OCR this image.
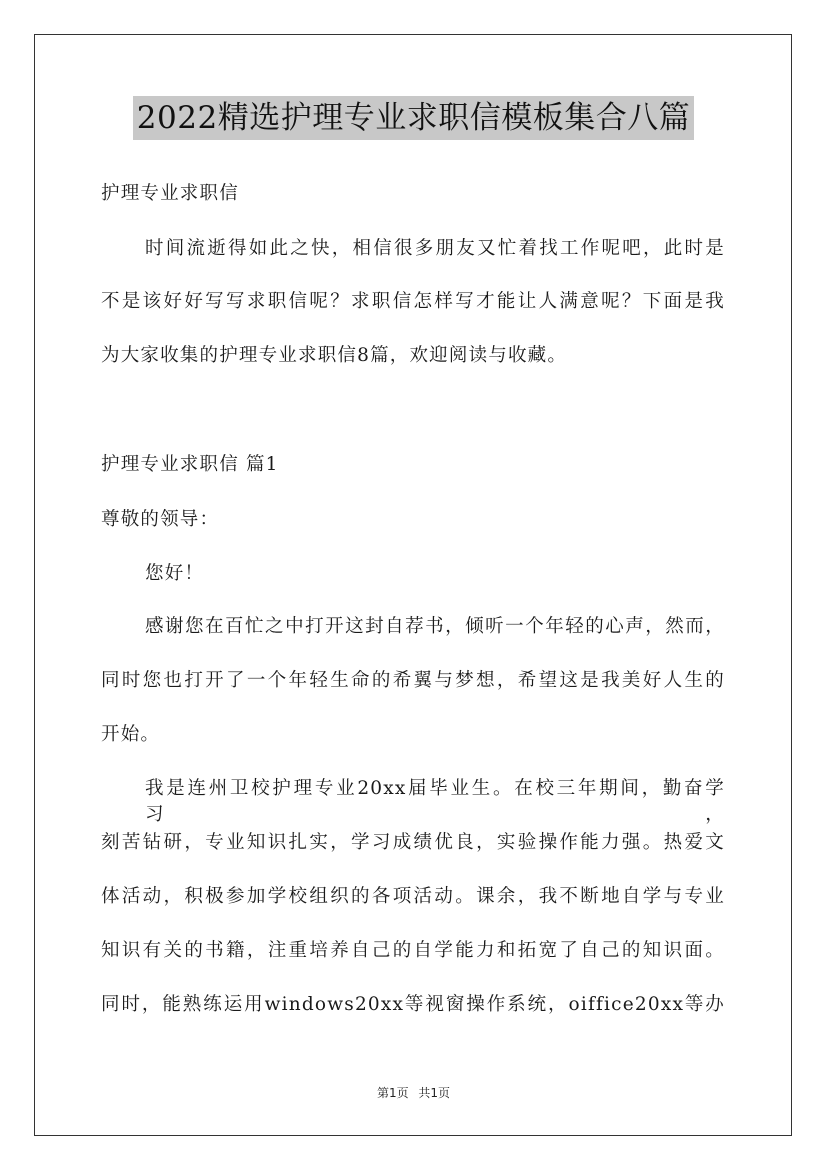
2022精选护理专业求职信模板集合八篇
护理专业求职信
时间流逝得如此之快，相信很多朋友又忙着找工作呢吧，此时是
不是该好好写写求职信呢？求职信怎样写才能让人满意呢？下面是我
为大家收集的护理专业求职信8篇，欢迎阅读与收藏。
护理专业求职信 篇1
尊敬的领导：
您好！
感谢您在百忙之中打开这封自荐书，倾听一个年轻的心声，然而，
同时您也打开了一个年轻生命的希翼与梦想，希望这是我美好人生的
开始。
我是连州卫校护理专业20xx届毕业生。在校三年期间，勤奋学习，
刻苦钻研，专业知识扎实，学习成绩优良，实验操作能力强。热爱文
体活动，积极参加学校组织的各项活动。课余，我不断地自学与专业
知识有关的书籍，注重培养自己的自学能力和拓宽了自己的知识面。
同时，能熟练运用windows20xx等视窗操作系统，oiffice20xx等办
第1页 共1页
